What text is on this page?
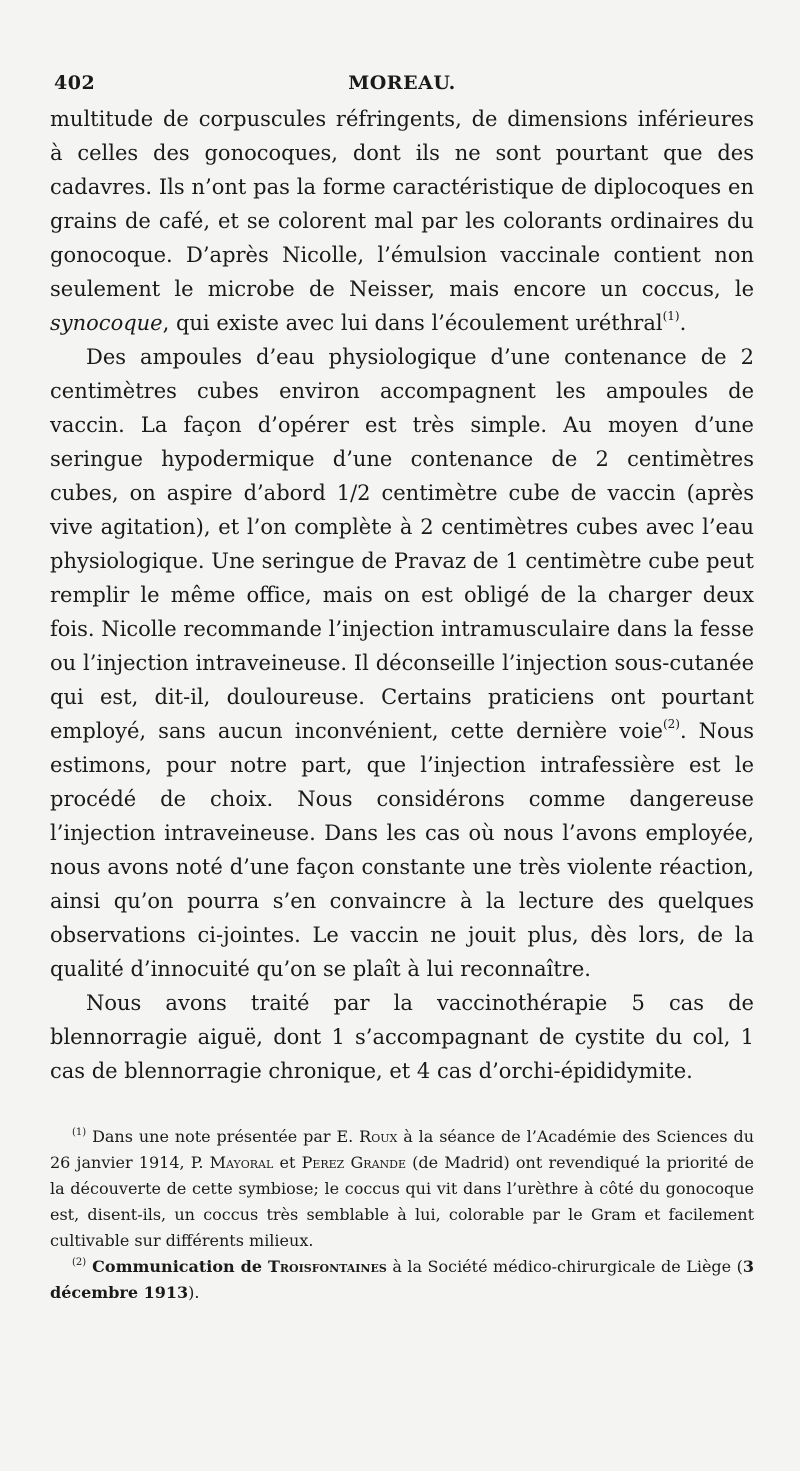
402	MOREAU.

multitude de corpuscules réfringents, de dimensions inférieures à celles des gonocoques, dont ils ne sont pourtant que des cadavres. Ils n’ont pas la forme caractéristique de diplocoques en grains de café, et se colorent mal par les colorants ordinaires du gonocoque. D’après Nicolle, l’émulsion vaccinale contient non seulement le microbe de Neisser, mais encore un coccus, le synocoque, qui existe avec lui dans l’écoulement uréthral$^{(1)}$.

Des ampoules d’eau physiologique d’une contenance de 2 centimètres cubes environ accompagnent les ampoules de vaccin. La façon d’opérer est très simple. Au moyen d’une seringue hypodermique d’une contenance de 2 centimètres cubes, on aspire d’abord 1/2 centimètre cube de vaccin (après vive agitation), et l’on complète à 2 centimètres cubes avec l’eau physiologique. Une seringue de Pravaz de 1 centimètre cube peut remplir le même office, mais on est obligé de la charger deux fois. Nicolle recommande l’injection intramusculaire dans la fesse ou l’injection intraveineuse. Il déconseille l’injection sous-cutanée qui est, dit-il, douloureuse. Certains praticiens ont pourtant employé, sans aucun inconvénient, cette dernière voie$^{(2)}$. Nous estimons, pour notre part, que l’injection intrafessière est le procédé de choix. Nous considérons comme dangereuse l’injection intraveineuse. Dans les cas où nous l’avons employée, nous avons noté d’une façon constante une très violente réaction, ainsi qu’on pourra s’en convaincre à la lecture des quelques observations ci-jointes. Le vaccin ne jouit plus, dès lors, de la qualité d’innocuité qu’on se plaît à lui reconnaître.

Nous avons traité par la vaccinothérapie 5 cas de blennorragie aiguë, dont 1 s’accompagnant de cystite du col, 1 cas de blennorragie chronique, et 4 cas d’orchi-épididymite.

$^{(1)}$ Dans une note présentée par E. Roux à la séance de l’Académie des Sciences du 26 janvier 1914, P. Mayoral et Perez Grande (de Madrid) ont revendiqué la priorité de la découverte de cette symbiose; le coccus qui vit dans l’urèthre à côté du gonocoque est, disent-ils, un coccus très semblable à lui, colorable par le Gram et facilement cultivable sur différents milieux.

$^{(2)}$ Communication de Troisfontaines à la Société médico-chirurgicale de Liège (3 décembre 1913).
